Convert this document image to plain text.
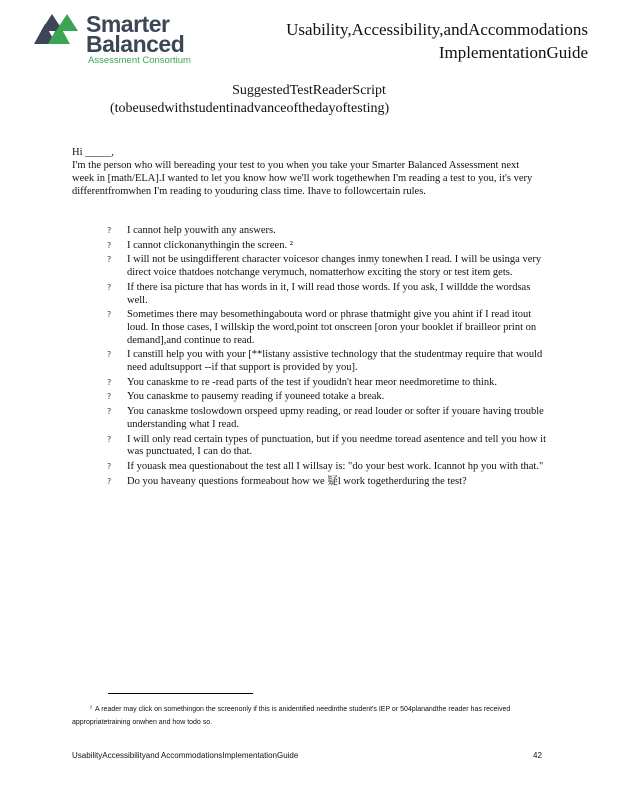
Smarter
Balanced
Assessment Consortium
Usability,Accessibility,andAccommodations
ImplementationGuide
SuggestedTestReaderScript
(tobeusedwithstudentinadvanceofthedayoftesting)

Hi _____,

I'm the person who will bereading your test to you when you take your Smarter Balanced Assessment next week in [math/ELA].I wanted to let you know how we'll work togethewhen I'm reading a test to you, it's very differentfromwhen I'm reading to youduring class time. Ihave to followcertain rules.

? I cannot help youwith any answers.
? I cannot clickonanythingin the screen. ²
? I will not be usingdifferent character voicesor changes inmy tonewhen I read. I will be usinga very direct voice thatdoes notchange verymuch, nomatterhow exciting the story or test item gets.
? If there isa picture that has words in it, I will read those words. If you ask, I willdde the wordsas well.
? Sometimes there may besomethingabouta word or phrase thatmight give you ahint if I read itout loud. In those cases, I willskip the word,point tot onscreen [oron your booklet if brailleor print on demand],and continue to read.
? I canstill help you with your [**listany assistive technology that the studentmay require that would need adultsupport --if that support is provided by you].
? You canaskme to re -read parts of the test if youdidn't hear meor needmoretime to think.
? You canaskme to pausemy reading if youneed totake a break.
? You canaskme toslowdown orspeed upmy reading, or read louder or softer if youare having trouble understanding what I read.
? I will only read certain types of punctuation, but if you needme toread asentence and tell you how it was punctuated, I can do that.
? If youask mea questionabout the test all I willsay is: "do your best work. Icannot hp you with that."
? Do you haveany questions formeabout how we 疑l work togetherduring the test?
² A reader may click on somethingon the screenonly if this is anidentified needinthe student's IEP or 504planandthe reader has received appropriatetraining onwhen and how todo so.
UsabilityAccessibilityand AccommodationsImplementationGuide	42
